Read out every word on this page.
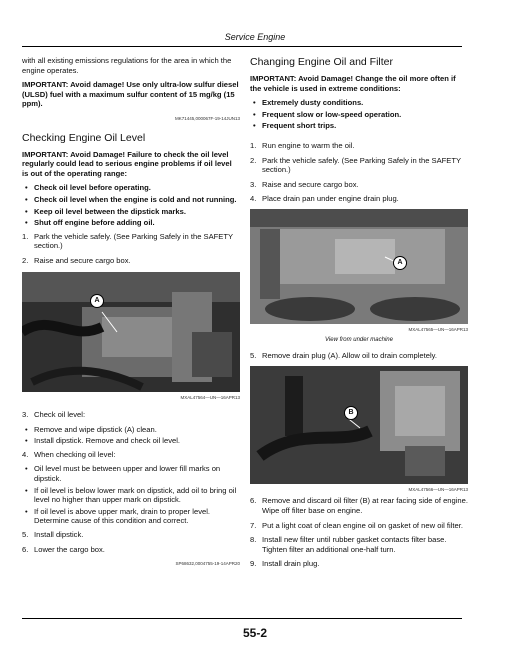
Service Engine

with all existing emissions regulations for the area in which the engine operates.

IMPORTANT: Avoid damage! Use only ultra-low sulfur diesel (ULSD) fuel with a maximum sulfur content of 15 mg/kg (15 ppm).

MK71445,000067F-19-14JUN13
Checking Engine Oil Level

IMPORTANT: Avoid Damage! Failure to check the oil level regularly could lead to serious engine problems if oil level is out of the operating range:

• Check oil level before operating.
• Check oil level when the engine is cold and not running.
• Keep oil level between the dipstick marks.
• Shut off engine before adding oil.
1. Park the vehicle safely. (See Parking Safely in the SAFETY section.)
2. Raise and secure cargo box.
A
MXAL47564—UN—16APR13
3. Check oil level:
• Remove and wipe dipstick (A) clean.
• Install dipstick. Remove and check oil level.
4. When checking oil level:
• Oil level must be between upper and lower fill marks on dipstick.
• If oil level is below lower mark on dipstick, add oil to bring oil level no higher than upper mark on dipstick.
• If oil level is above upper mark, drain to proper level. Determine cause of this condition and correct.
5. Install dipstick.
6. Lower the cargo box.
SP68632,0004755-19-14APR20
Changing Engine Oil and Filter

IMPORTANT: Avoid Damage! Change the oil more often if the vehicle is used in extreme conditions:

• Extremely dusty conditions.
• Frequent slow or low-speed operation.
• Frequent short trips.
1. Run engine to warm the oil.
2. Park the vehicle safely. (See Parking Safely in the SAFETY section.)
3. Raise and secure cargo box.
4. Place drain pan under engine drain plug.
A
MXAL47565—UN—16APR13
View from under machine
5. Remove drain plug (A). Allow oil to drain completely.
B
MXAL47566—UN—16APR13
6. Remove and discard oil filter (B) at rear facing side of engine. Wipe off filter base on engine.
7. Put a light coat of clean engine oil on gasket of new oil filter.
8. Install new filter until rubber gasket contacts filter base. Tighten filter an additional one-half turn.
9. Install drain plug.
55-2
